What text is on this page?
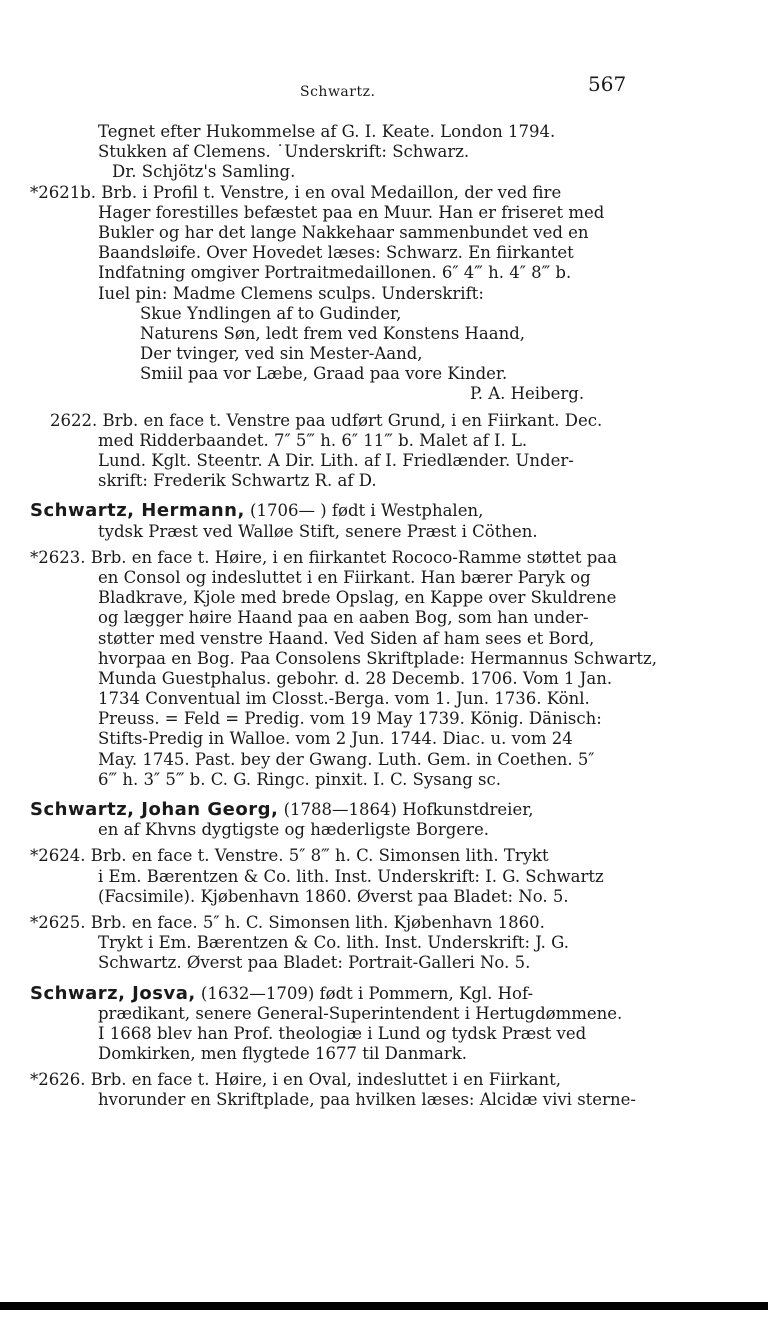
Schwartz.	567
Tegnet efter Hukommelse af G. I. Keate. London 1794.
Stukken af Clemens. ˙Underskrift: Schwarz.
Dr. Schjötz's Samling.
*2621b. Brb. i Profil t. Venstre, i en oval Medaillon, der ved fire
Hager forestilles befæstet paa en Muur. Han er friseret med
Bukler og har det lange Nakkehaar sammenbundet ved en
Baandsløife. Over Hovedet læses: Schwarz. En fiirkantet
Indfatning omgiver Portraitmedaillonen. 6″ 4‴ h. 4″ 8‴ b.
Iuel pin: Madme Clemens sculps. Underskrift:
Skue Yndlingen af to Gudinder,
Naturens Søn, ledt frem ved Konstens Haand,
Der tvinger, ved sin Mester-Aand,
Smiil paa vor Læbe, Graad paa vore Kinder.
P. A. Heiberg.
2622. Brb. en face t. Venstre paa udført Grund, i en Fiirkant. Dec.
med Ridderbaandet. 7″ 5‴ h. 6″ 11‴ b. Malet af I. L.
Lund. Kglt. Steentr. A Dir. Lith. af I. Friedlænder. Under-
skrift: Frederik Schwartz R. af D.
Schwartz, Hermann, (1706— ) født i Westphalen,
tydsk Præst ved Walløe Stift, senere Præst i Cöthen.
*2623. Brb. en face t. Høire, i en fiirkantet Rococo-Ramme støttet paa
en Consol og indesluttet i en Fiirkant. Han bærer Paryk og
Bladkrave, Kjole med brede Opslag, en Kappe over Skuldrene
og lægger høire Haand paa en aaben Bog, som han under-
støtter med venstre Haand. Ved Siden af ham sees et Bord,
hvorpaa en Bog. Paa Consolens Skriftplade: Hermannus Schwartz,
Munda Guestphalus. gebohr. d. 28 Decemb. 1706. Vom 1 Jan.
1734 Conventual im Closst.-Berga. vom 1. Jun. 1736. Könl.
Preuss. = Feld = Predig. vom 19 May 1739. König. Dänisch:
Stifts-Predig in Walloe. vom 2 Jun. 1744. Diac. u. vom 24
May. 1745. Past. bey der Gwang. Luth. Gem. in Coethen. 5″
6‴ h. 3″ 5‴ b. C. G. Ringc. pinxit. I. C. Sysang sc.
Schwartz, Johan Georg, (1788—1864) Hofkunstdreier,
en af Khvns dygtigste og hæderligste Borgere.
*2624. Brb. en face t. Venstre. 5″ 8‴ h. C. Simonsen lith. Trykt
i Em. Bærentzen & Co. lith. Inst. Underskrift: I. G. Schwartz
(Facsimile). Kjøbenhavn 1860. Øverst paa Bladet: No. 5.
*2625. Brb. en face. 5″ h. C. Simonsen lith. Kjøbenhavn 1860.
Trykt i Em. Bærentzen & Co. lith. Inst. Underskrift: J. G.
Schwartz. Øverst paa Bladet: Portrait-Galleri No. 5.
Schwarz, Josva, (1632—1709) født i Pommern, Kgl. Hof-
prædikant, senere General-Superintendent i Hertugdømmene.
I 1668 blev han Prof. theologiæ i Lund og tydsk Præst ved
Domkirken, men flygtede 1677 til Danmark.
*2626. Brb. en face t. Høire, i en Oval, indesluttet i en Fiirkant,
hvorunder en Skriftplade, paa hvilken læses: Alcidæ vivi sterne-
